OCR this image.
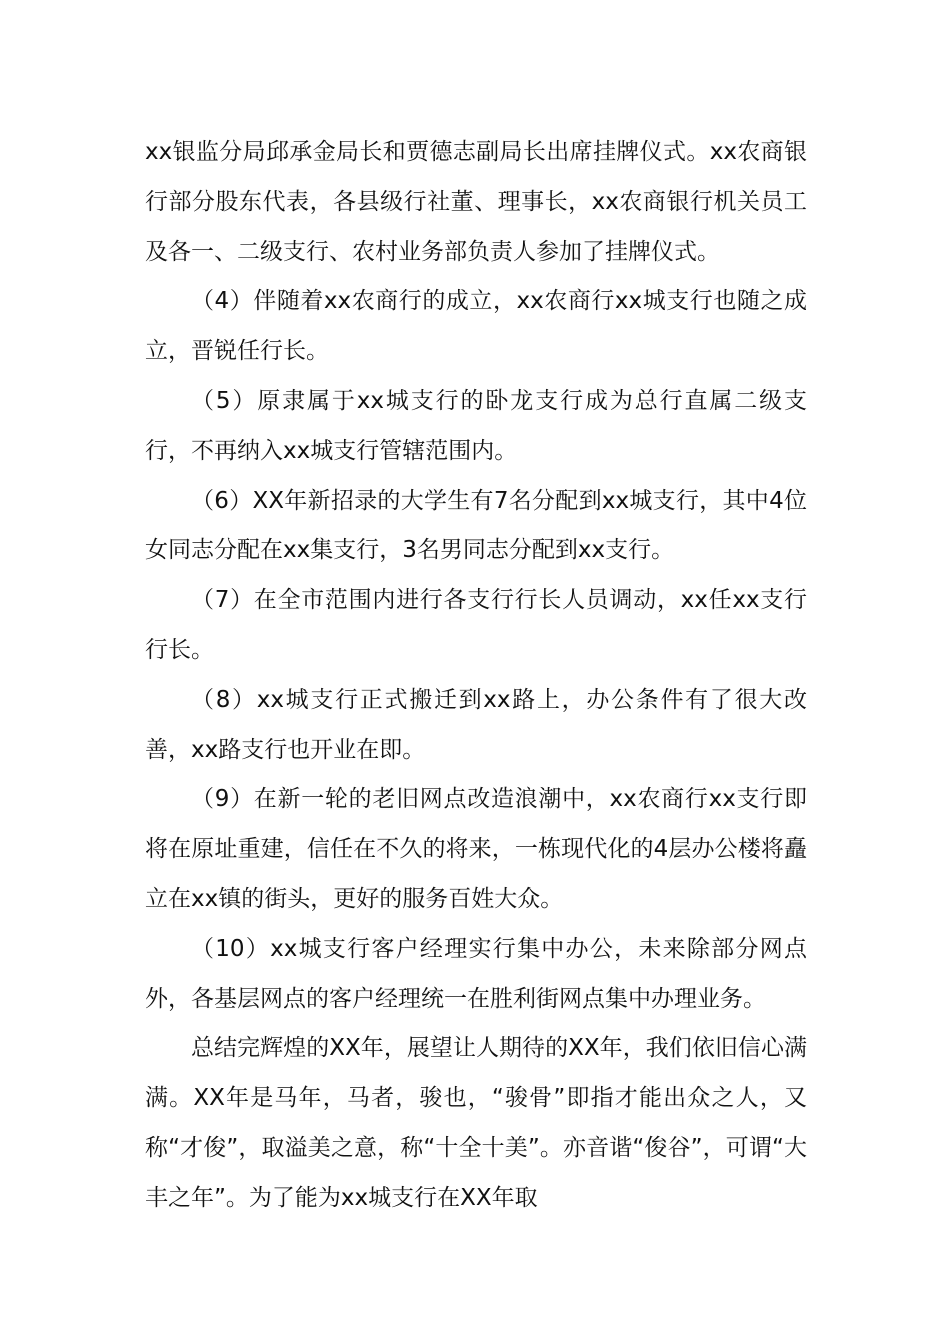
xx银监分局邱承金局长和贾德志副局长出席挂牌仪式。xx农商银行部分股东代表，各县级行社董、理事长，xx农商银行机关员工及各一、二级支行、农村业务部负责人参加了挂牌仪式。

（4）伴随着xx农商行的成立，xx农商行xx城支行也随之成立，晋锐任行长。

（5）原隶属于xx城支行的卧龙支行成为总行直属二级支行，不再纳入xx城支行管辖范围内。

（6）XX年新招录的大学生有7名分配到xx城支行，其中4位女同志分配在xx集支行，3名男同志分配到xx支行。

（7）在全市范围内进行各支行行长人员调动，xx任xx支行行长。

（8）xx城支行正式搬迁到xx路上，办公条件有了很大改善，xx路支行也开业在即。

（9）在新一轮的老旧网点改造浪潮中，xx农商行xx支行即将在原址重建，信任在不久的将来，一栋现代化的4层办公楼将矗立在xx镇的街头，更好的服务百姓大众。

（10）xx城支行客户经理实行集中办公，未来除部分网点外，各基层网点的客户经理统一在胜利街网点集中办理业务。

总结完辉煌的XX年，展望让人期待的XX年，我们依旧信心满满。XX年是马年，马者，骏也，“骏骨”即指才能出众之人，又称“才俊”，取溢美之意，称“十全十美”。亦音谐“俊谷”，可谓“大丰之年”。为了能为xx城支行在XX年取
